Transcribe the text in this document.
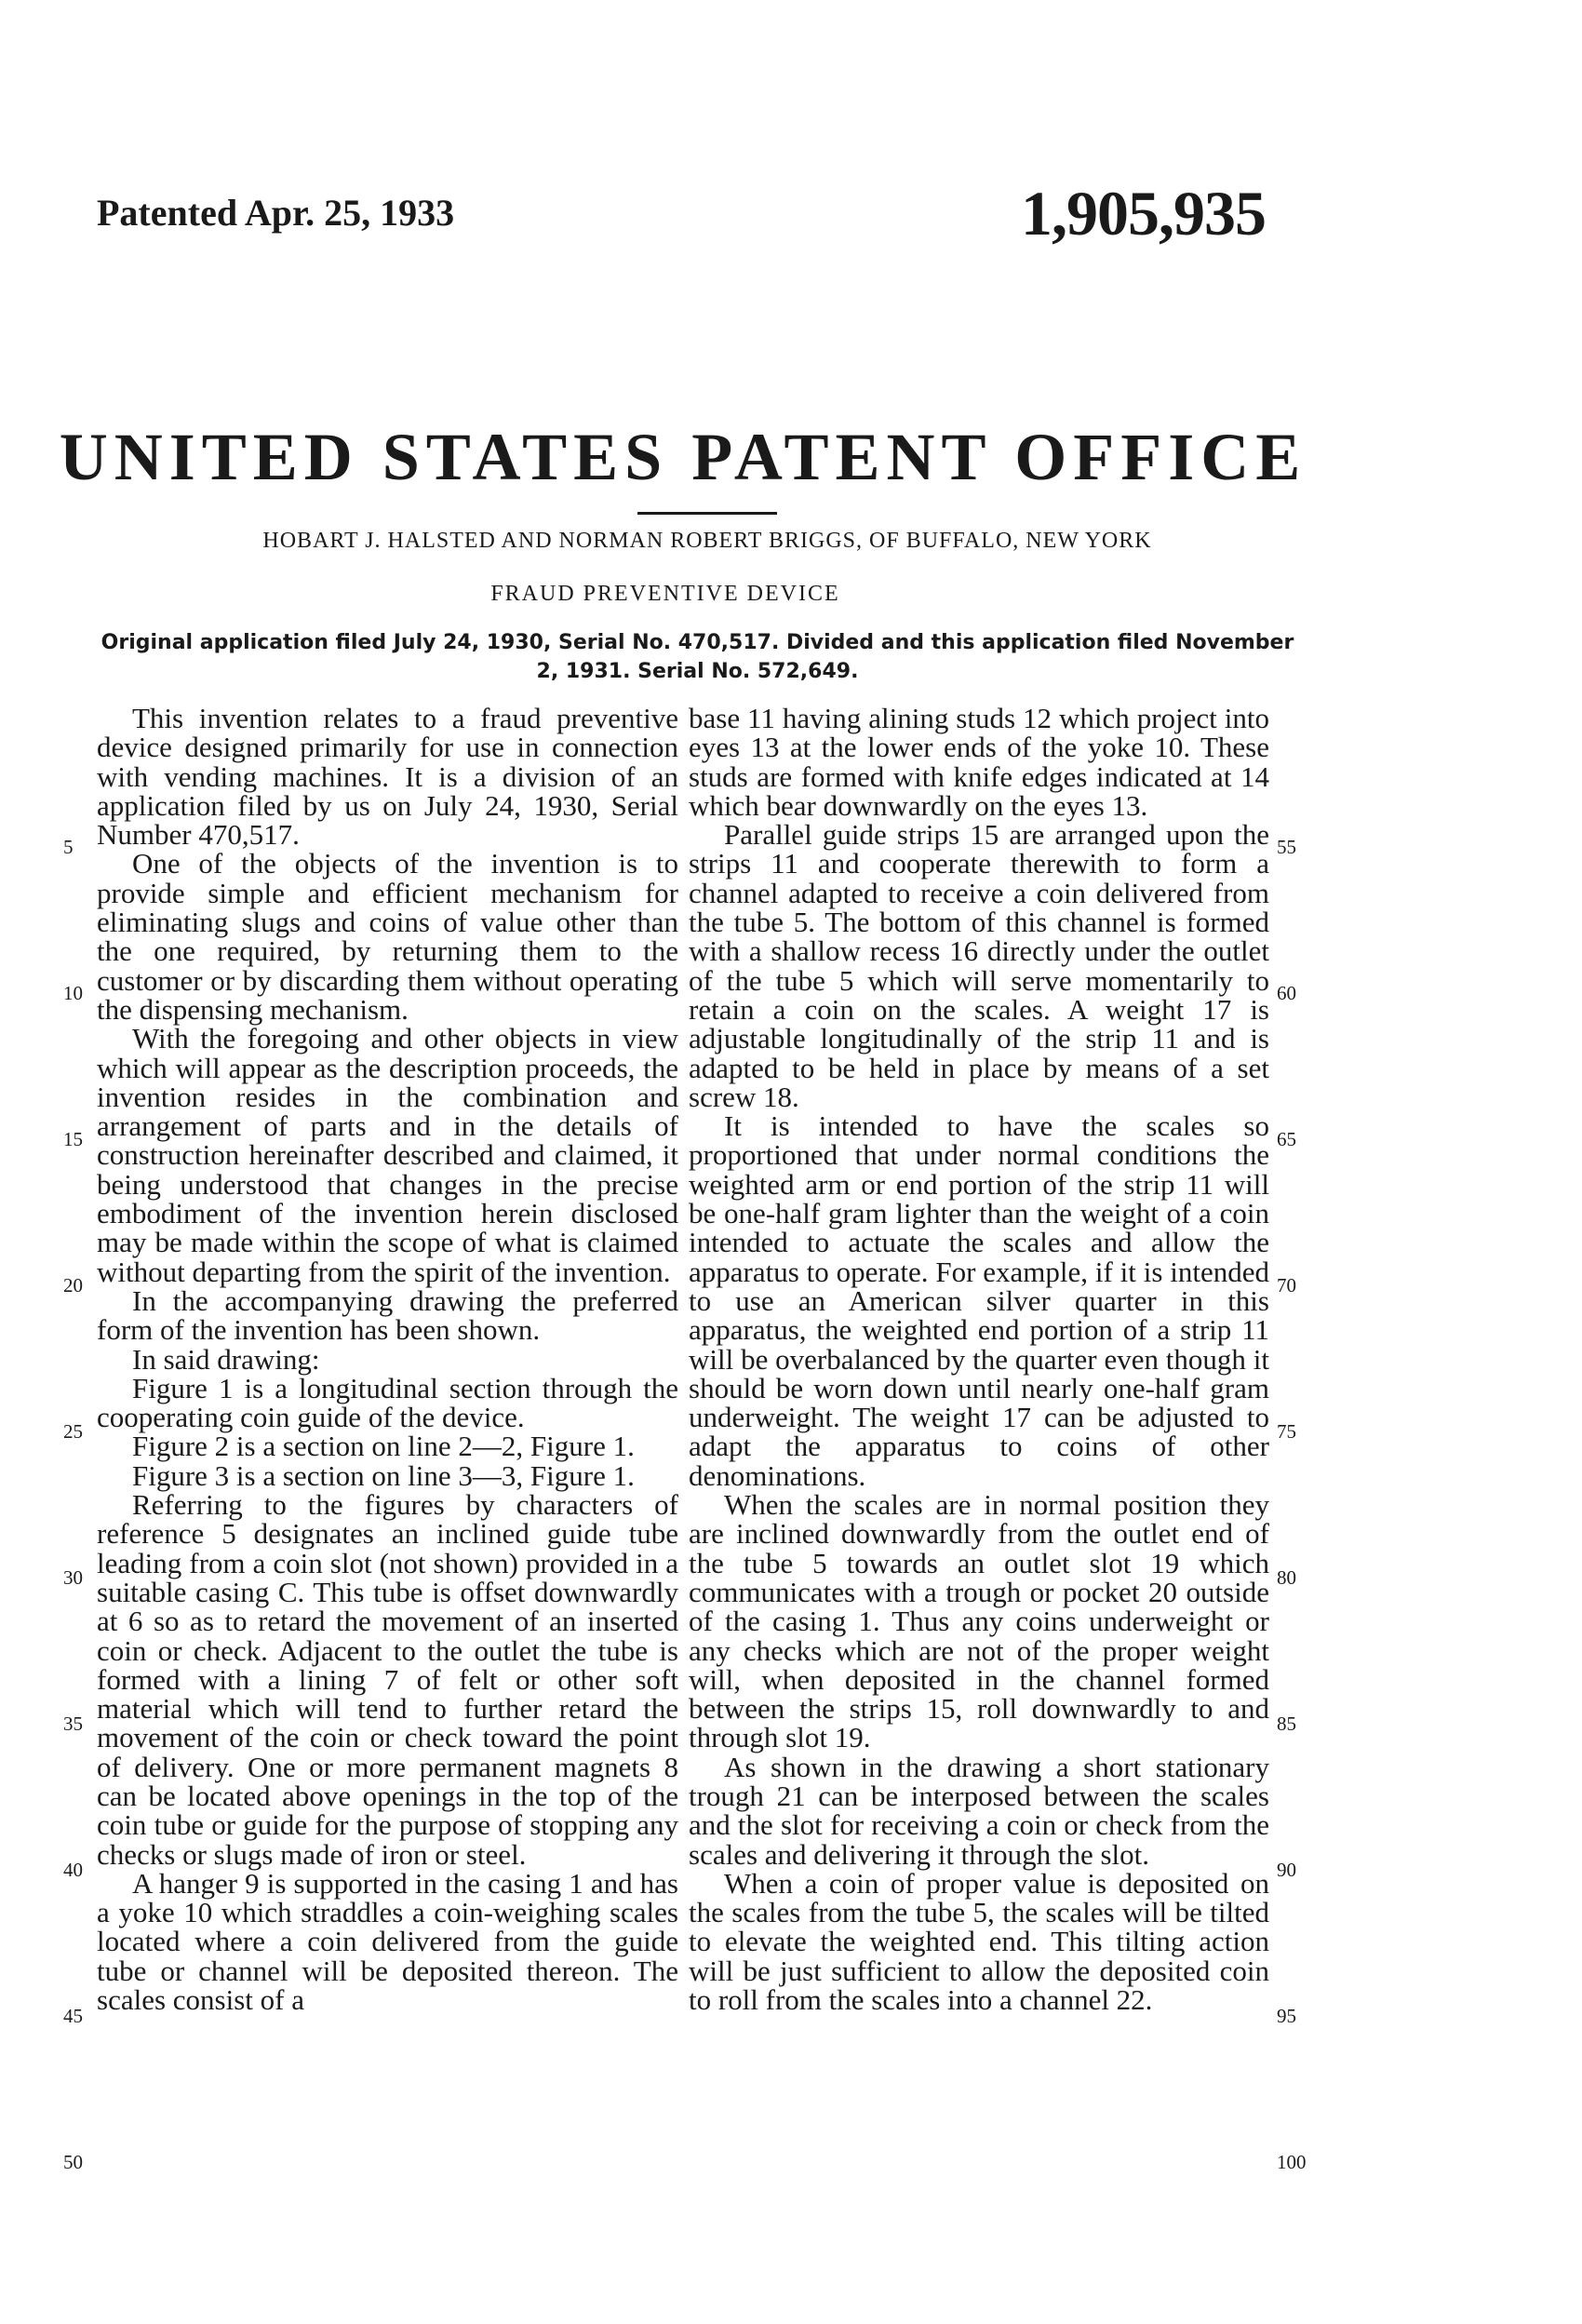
Patented Apr. 25, 1933	1,905,935
UNITED STATES PATENT OFFICE
HOBART J. HALSTED AND NORMAN ROBERT BRIGGS, OF BUFFALO, NEW YORK
FRAUD PREVENTIVE DEVICE
Original application filed July 24, 1930, Serial No. 470,517. Divided and this application filed November 2, 1931. Serial No. 572,649.

This invention relates to a fraud preventive device designed primarily for use in connection with vending machines. It is a division of an application filed by us on July 24, 1930, Serial Number 470,517.

One of the objects of the invention is to provide simple and efficient mechanism for eliminating slugs and coins of value other than the one required, by returning them to the customer or by discarding them without operating the dispensing mechanism.

With the foregoing and other objects in view which will appear as the description proceeds, the invention resides in the combination and arrangement of parts and in the details of construction hereinafter described and claimed, it being understood that changes in the precise embodiment of the invention herein disclosed may be made within the scope of what is claimed without departing from the spirit of the invention.

In the accompanying drawing the preferred form of the invention has been shown.

In said drawing:

Figure 1 is a longitudinal section through the cooperating coin guide of the device.

Figure 2 is a section on line 2—2, Figure 1.

Figure 3 is a section on line 3—3, Figure 1.

Referring to the figures by characters of reference 5 designates an inclined guide tube leading from a coin slot (not shown) provided in a suitable casing C. This tube is offset downwardly at 6 so as to retard the movement of an inserted coin or check. Adjacent to the outlet the tube is formed with a lining 7 of felt or other soft material which will tend to further retard the movement of the coin or check toward the point of delivery. One or more permanent magnets 8 can be located above openings in the top of the coin tube or guide for the purpose of stopping any checks or slugs made of iron or steel.

A hanger 9 is supported in the casing 1 and has a yoke 10 which straddles a coin-weighing scales located where a coin delivered from the guide tube or channel will be deposited thereon. The scales consist of a

base 11 having alining studs 12 which project into eyes 13 at the lower ends of the yoke 10. These studs are formed with knife edges indicated at 14 which bear downwardly on the eyes 13.

Parallel guide strips 15 are arranged upon the strips 11 and cooperate therewith to form a channel adapted to receive a coin delivered from the tube 5. The bottom of this channel is formed with a shallow recess 16 directly under the outlet of the tube 5 which will serve momentarily to retain a coin on the scales. A weight 17 is adjustable longitudinally of the strip 11 and is adapted to be held in place by means of a set screw 18.

It is intended to have the scales so proportioned that under normal conditions the weighted arm or end portion of the strip 11 will be one-half gram lighter than the weight of a coin intended to actuate the scales and allow the apparatus to operate. For example, if it is intended to use an American silver quarter in this apparatus, the weighted end portion of a strip 11 will be overbalanced by the quarter even though it should be worn down until nearly one-half gram underweight. The weight 17 can be adjusted to adapt the apparatus to coins of other denominations.

When the scales are in normal position they are inclined downwardly from the outlet end of the tube 5 towards an outlet slot 19 which communicates with a trough or pocket 20 outside of the casing 1. Thus any coins underweight or any checks which are not of the proper weight will, when deposited in the channel formed between the strips 15, roll downwardly to and through slot 19.

As shown in the drawing a short stationary trough 21 can be interposed between the scales and the slot for receiving a coin or check from the scales and delivering it through the slot.

When a coin of proper value is deposited on the scales from the tube 5, the scales will be tilted to elevate the weighted end. This tilting action will be just sufficient to allow the deposited coin to roll from the scales into a channel 22.

5
10
15
20
25
30
35
40
45
50
55
60
65
70
75
80
85
90
95
100
